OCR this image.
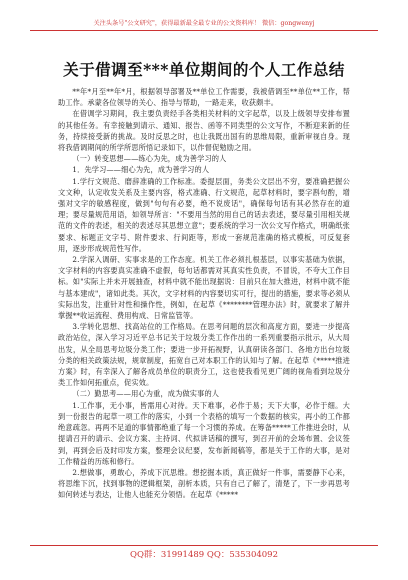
关注头条号"公文研究"，获得最新最全最专业的公文资料库！ 微信：gongwenyj
关于借调至***单位期间的个人工作总结

**年*月至**年*月，根据领导部署及**单位工作需要，我被借调至**单位**工作，帮助工作。承蒙各位领导的关心、指导与帮助，一路走来，收获颇丰。

在借调学习期间，我主要负责经手各类相关材料的文字起草，以及上级领导安排布置的其他任务。有幸接触到请示、通知、报告、函等不同类型的公文写作，不断迎来新的任务，持续接受新的挑战。及时反思之时，也让我既出国有的思维局限，重新审视自身。现将我借调期间的所学所思所悟记录如下，以作督促勉励之用。

（一）转变思想——练心为先，成为善学习的人

1．先学习——细心为先，成为善学习的人

1.学行文规范、磨辞准确的工作标准。委提层面，务类公文层出不穷，要准确把握公文文种，认定收发关系及主要内容，格式准确、行文规范，起草材料时，要字斟句酌，增强对文字的敏感程度，做到"句句有必要，绝不说废话"，确保每句话有其必然存在的道理；要尽量规范用语，如领导所言："不要用当然的用自己的话去表述，要尽量引用相关规范的文件的表述，相关的表述尽其思想立意"；要系统的学习一次公文写作格式，明确纸张要求、标题正文字号、附件要求、行间距等，形成一套规范准确的格式模板，可反复套用，逐步形成规范性写作。

2.学深入调研、实事求是的工作态度。机关工作必须扎根基层，以事实基础为依据，文字材料的内容要真实准确不虚假，每句话都需对其真实性负责，不冒说，不夸大工作目标。如"实际上并未开展抽查，材料中就不能出现据说：目前只在加大推进，材料中就不能与基本建成"，诸如此类。其次，文字材料的内容要切实可行，提出的措施，要求等必须从实际出发，注重针对性和操作性，例如，在起草《********管理办法》时，就要求了解并掌握**收运流程、费用构成、日常监管等。

3.学转化思想、找高站位的工作格局。在思考问题的层次和高度方面，要进一步提高政治站位，深入学习习近平总书记关于垃圾分类工作作出的一系列重要指示批示，从大局出发，从全局思考垃圾分类工作；要进一步开拓视野，认真研读各部门、各地方出台垃圾分类的相关政策法规，规章制度，拓宽自己对本职工作的认知与了解。在起草《*****推进方案》时，有幸深入了解各成员单位的职责分工，这也使我看见更广阔的视角看到垃圾分类工作如何拓重点，促实效。

（二）勤思考——用心为重，成为做实事的人

1.工作事，无小事，皆需用心对待。天下难事，必作于易；天下大事，必作于细。大到一份报告的起草一项工作的落实，小到一个表格的填写一个数据的核实，再小的工作都绝意疏忽。再两不足道的事情都绝重了每一个习惯的养成。在筹备*****工作推进会时，从提请召开的请示、会议方案、主持词、代拟讲话稿的撰写，到召开前的会场布置、会议签到，再到会后及时印发方案，整理会议纪要，发布新闻稿等，都是关于工作的大事，是对工作精益的历练和修行。

2.想做事，勇敢心，养成下沉思维。想挖掘本质，真正做好一件事，需要静下心来，将思维下沉，找到事物的逻辑框架，剖析本质，只有自己了解了，清楚了，下一步再思考如何转述与表达，让他人也能充分领悟。在起草《*****

QQ群：31991489 QQ：535304092
